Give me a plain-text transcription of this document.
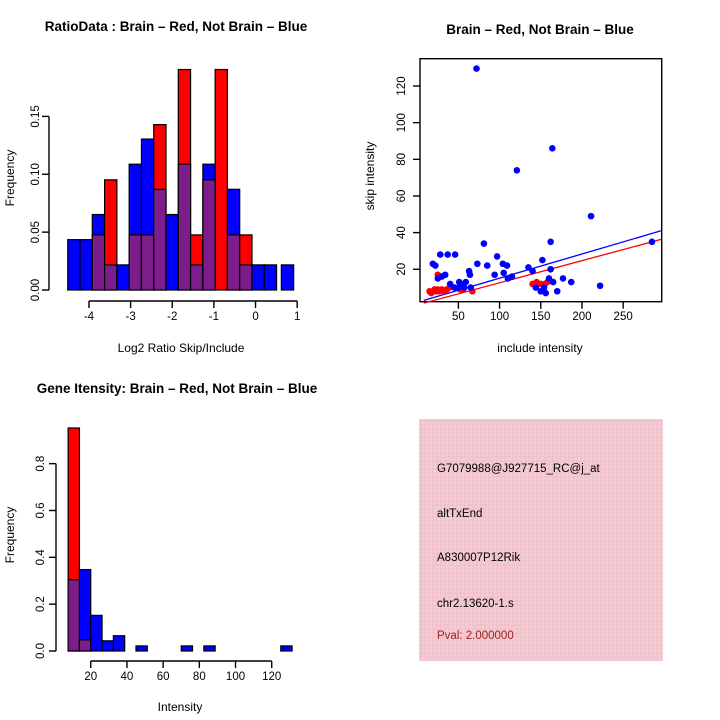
RatioData : Brain – Red, Not Brain – Blue
Log2 Ratio Skip/Include
Frequency
-4	-3	-2	-1	0	1
0.00
0.05
0.10
0.15
Brain – Red, Not Brain – Blue
include intensity
skip intensity
50 100 150 200 250
20
40
60
80
100
120
Gene Itensity: Brain – Red, Not Brain – Blue
Intensity
Frequency
20 40 60 80 100 120
0.0
0.2
0.4
0.6
0.8	G7079988@J927715_RC@j_at
altTxEnd
A830007P12Rik
chr2.13620-1.s
Pval: 2.000000
